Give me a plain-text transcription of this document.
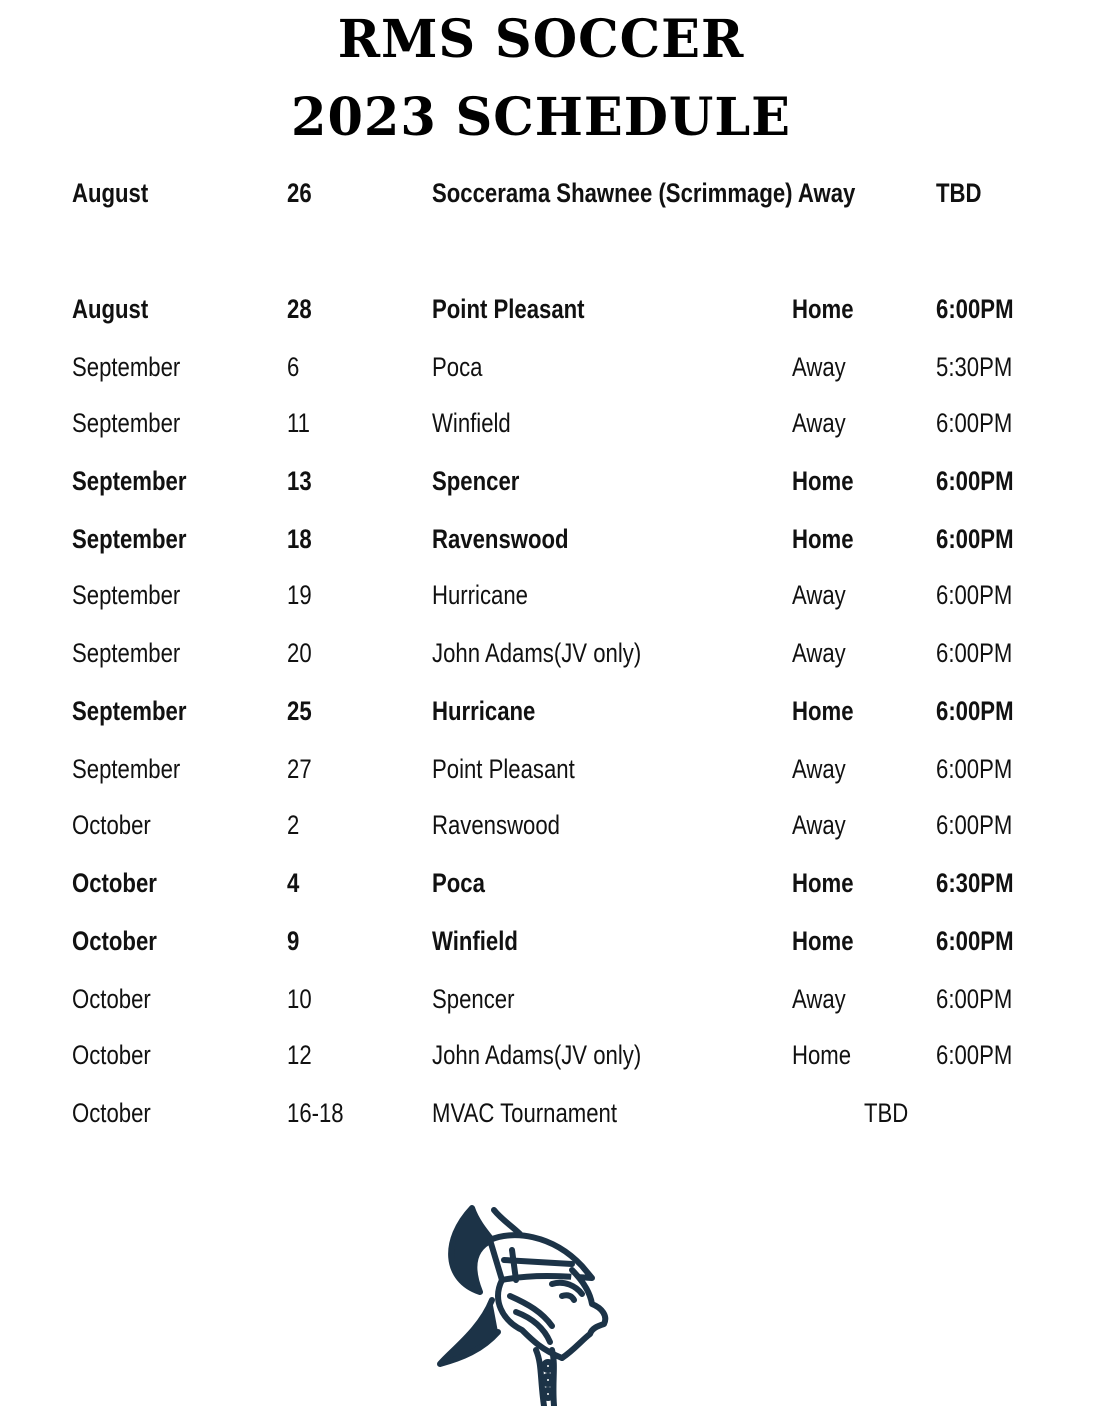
RMS SOCCER
2023 SCHEDULE
August	26	Soccerama Shawnee (Scrimmage) Away	TBD
August	28	Point Pleasant	Home	6:00PM
September	6	Poca	Away	5:30PM
September	11	Winfield	Away	6:00PM
September	13	Spencer	Home	6:00PM
September	18	Ravenswood	Home	6:00PM
September	19	Hurricane	Away	6:00PM
September	20	John Adams(JV only)	Away	6:00PM
September	25	Hurricane	Home	6:00PM
September	27	Point Pleasant	Away	6:00PM
October	2	Ravenswood	Away	6:00PM
October	4	Poca	Home	6:30PM
October	9	Winfield	Home	6:00PM
October	10	Spencer	Away	6:00PM
October	12	John Adams(JV only)	Home	6:00PM
October	16-18	MVAC Tournament	TBD
